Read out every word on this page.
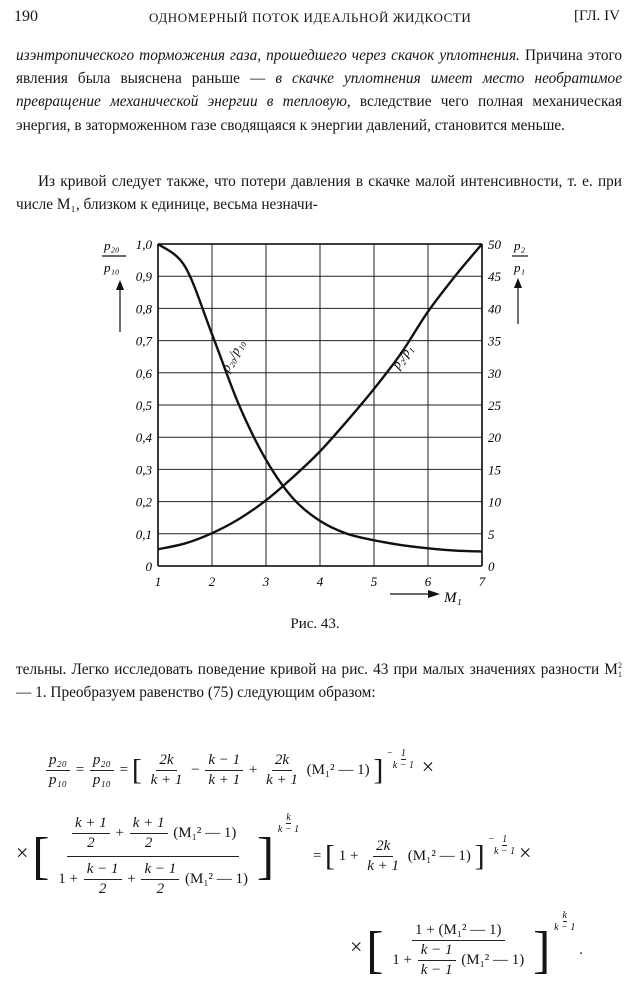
190	ОДНОМЕРНЫЙ ПОТОК ИДЕАЛЬНОЙ ЖИДКОСТИ	[ГЛ. IV
изэнтропического торможения газа, прошедшего через скачок уплотнения. Причина этого явления была выяснена раньше — в скачке уплотнения имеет место необратимое превращение механической энергии в тепловую, вследствие чего полная механическая энергия, в заторможенном газе сводящаяся к энергии давлений, становится меньше.
Из кривой следует также, что потери давления в скачке малой интенсивности, т. е. при числе M₁, близком к единице, весьма незначи-
0
0,1
0,2
0,3
0,4
0,5
0,6
0,7
0,8
0,9
1,0
0
5
10
15
20
25
30
35
40
45
50
1	2	3	4	5	6	7
p₂₀/p₁₀	p₂/p₁
p₂₀
p₁₀
p₂
p₁
M₁
Рис. 43.
тельны. Легко исследовать поведение кривой на рис. 43 при малых значениях разности M 2
1
— 1. Преобразуем равенство (75) следующим образом:
$\frac{\text{p₂₀}}{\text{p₁₀}} = \frac{\text{p₂₀}}{\text{p₁₀}}$ = [ $\frac{2k}{k + 1} - \frac{k - 1}{k + 1} + \frac{2k}{k + 1} (M_1^2$ — 1) ]
− $\frac{1}{k - 1}$ ×
× [ $\frac{\frac{k + 1}{2} + \frac{k + 1}{2} (M_1^2 — 1)}{1 + \frac{k - 1}{2} + \frac{k - 1}{2} (M_1^2 — 1)}$ ]
$\frac{k}{k - 1}$
= [ $1 + \frac{2k}{k + 1} (M_1^2$ — 1) ]
− $\frac{1}{k - 1}$ ×
× [ $\frac{\text{1 + (M₁² — 1)}}{1 + \frac{k - 1}{k - 1} (M_1^2 — 1)}$ ]
$\frac{k}{k - 1}$
.
